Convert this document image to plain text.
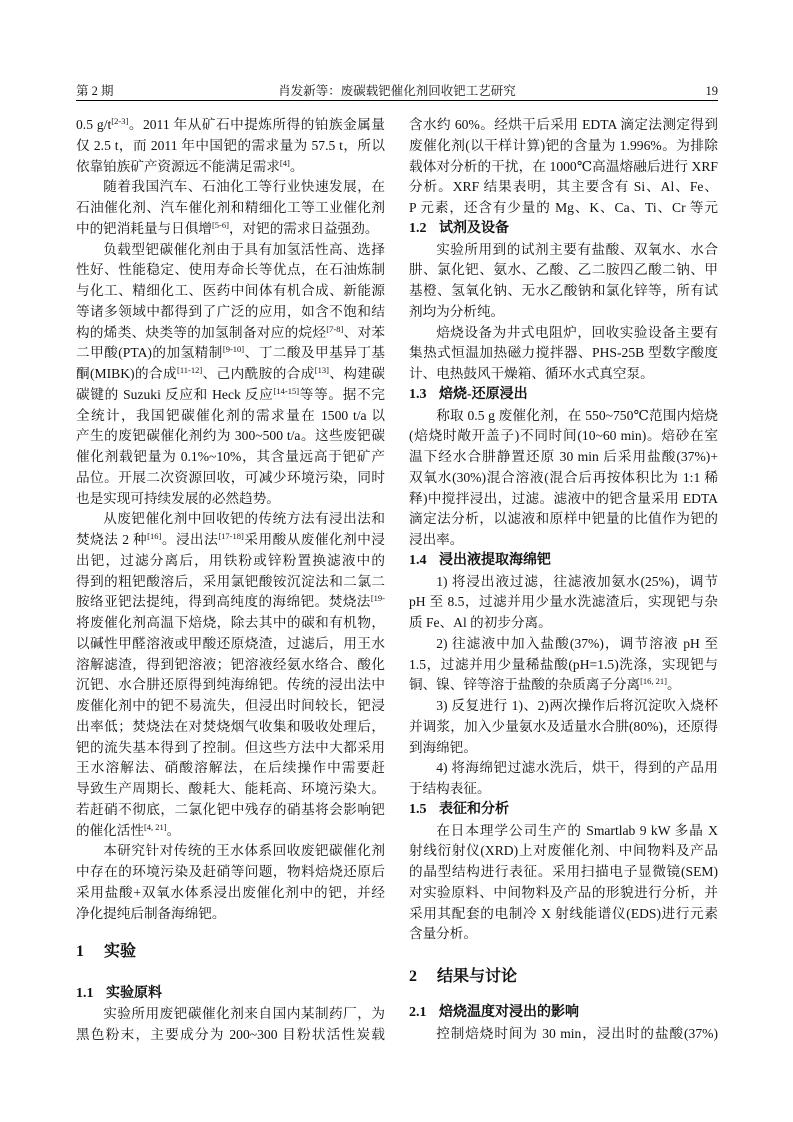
第 2 期	肖发新等：废碳载钯催化剂回收钯工艺研究	19
0.5 g/t[2-3]。2011 年从矿石中提炼所得的铂族金属量
仅 2.5 t，而 2011 年中国钯的需求量为 57.5 t，所以
依靠铂族矿产资源远不能满足需求[4]。
随着我国汽车、石油化工等行业快速发展，在
石油催化剂、汽车催化剂和精细化工等工业催化剂
中的钯消耗量与日俱增[5-6]，对钯的需求日益强劲。
负载型钯碳催化剂由于具有加氢活性高、选择
性好、性能稳定、使用寿命长等优点，在石油炼制
与化工、精细化工、医药中间体有机合成、新能源
等诸多领域中都得到了广泛的应用，如含不饱和结
构的烯类、炔类等的加氢制备对应的烷烃[7-8]、对苯
二甲酸(PTA)的加氢精制[9-10]、丁二酸及甲基异丁基
酮(MIBK)的合成[11-12]、己内酰胺的合成[13]、构建碳
碳键的 Suzuki 反应和 Heck 反应[14-15]等等。据不完
全统计，我国钯碳催化剂的需求量在 1500 t/a 以
产生的废钯碳催化剂约为 300~500 t/a。这些废钯碳
催化剂载钯量为 0.1%~10%，其含量远高于钯矿产
品位。开展二次资源回收，可减少环境污染，同时
也是实现可持续发展的必然趋势。
从废钯催化剂中回收钯的传统方法有浸出法和
焚烧法 2 种[16]。浸出法[17-18]采用酸从废催化剂中浸
出钯，过滤分离后，用铁粉或锌粉置换滤液中的
得到的粗钯酸溶后，采用氯钯酸铵沉淀法和二氯二
胺络亚钯法提纯，得到高纯度的海绵钯。焚烧法$^{[19-}$
将废催化剂高温下焙烧，除去其中的碳和有机物，
以碱性甲醛溶液或甲酸还原烧渣，过滤后，用王水
溶解滤渣，得到钯溶液；钯溶液经氨水络合、酸化
沉钯、水合肼还原得到纯海绵钯。传统的浸出法中
废催化剂中的钯不易流失，但浸出时间较长，钯浸
出率低；焚烧法在对焚烧烟气收集和吸收处理后，
钯的流失基本得到了控制。但这些方法中大都采用
王水溶解法、硝酸溶解法，在后续操作中需要赶
导致生产周期长、酸耗大、能耗高、环境污染大。
若赶硝不彻底，二氯化钯中残存的硝基将会影响钯
的催化活性[4, 21]。
本研究针对传统的王水体系回收废钯碳催化剂
中存在的环境污染及赶硝等问题，物料焙烧还原后
采用盐酸+双氧水体系浸出废催化剂中的钯，并经
净化提纯后制备海绵钯。
1 实验
1.1 实验原料
实验所用废钯碳催化剂来自国内某制药厂，为
黑色粉末，主要成分为 200~300 目粉状活性炭载
含水约 60%。经烘干后采用 EDTA 滴定法测定得到
废催化剂(以干样计算)钯的含量为 1.996%。为排除
载体对分析的干扰，在 1000℃高温熔融后进行 XRF
分析。XRF 结果表明，其主要含有 Si、Al、Fe、
P 元素，还含有少量的 Mg、K、Ca、Ti、Cr 等元
1.2 试剂及设备
实验所用到的试剂主要有盐酸、双氧水、水合
肼、氯化钯、氨水、乙酸、乙二胺四乙酸二钠、甲
基橙、氢氧化钠、无水乙酸钠和氯化锌等，所有试
剂均为分析纯。
焙烧设备为井式电阻炉，回收实验设备主要有
集热式恒温加热磁力搅拌器、PHS-25B 型数字酸度
计、电热鼓风干燥箱、循环水式真空泵。
1.3 焙烧-还原浸出
称取 0.5 g 废催化剂，在 550~750℃范围内焙烧
(焙烧时敞开盖子)不同时间(10~60 min)。焙砂在室
温下经水合肼静置还原 30 min 后采用盐酸(37%)+
双氧水(30%)混合溶液(混合后再按体积比为 1:1 稀
释)中搅拌浸出，过滤。滤液中的钯含量采用 EDTA
滴定法分析，以滤液和原样中钯量的比值作为钯的
浸出率。
1.4 浸出液提取海绵钯
1) 将浸出液过滤，往滤液加氨水(25%)，调节
pH 至 8.5，过滤并用少量水洗滤渣后，实现钯与杂
质 Fe、Al 的初步分离。
2) 往滤液中加入盐酸(37%)，调节溶液 pH 至
1.5，过滤并用少量稀盐酸(pH=1.5)洗涤，实现钯与
铜、镍、锌等溶于盐酸的杂质离子分离[16, 21]。
3) 反复进行 1)、2)两次操作后将沉淀吹入烧杯
并调浆，加入少量氨水及适量水合肼(80%)，还原得
到海绵钯。
4) 将海绵钯过滤水洗后，烘干，得到的产品用
于结构表征。
1.5 表征和分析
在日本理学公司生产的 Smartlab 9 kW 多晶 X
射线衍射仪(XRD)上对废催化剂、中间物料及产品
的晶型结构进行表征。采用扫描电子显微镜(SEM)
对实验原料、中间物料及产品的形貌进行分析，并
采用其配套的电制冷 X 射线能谱仪(EDS)进行元素
含量分析。
2 结果与讨论
2.1 焙烧温度对浸出的影响
控制焙烧时间为 30 min，浸出时的盐酸(37%)
